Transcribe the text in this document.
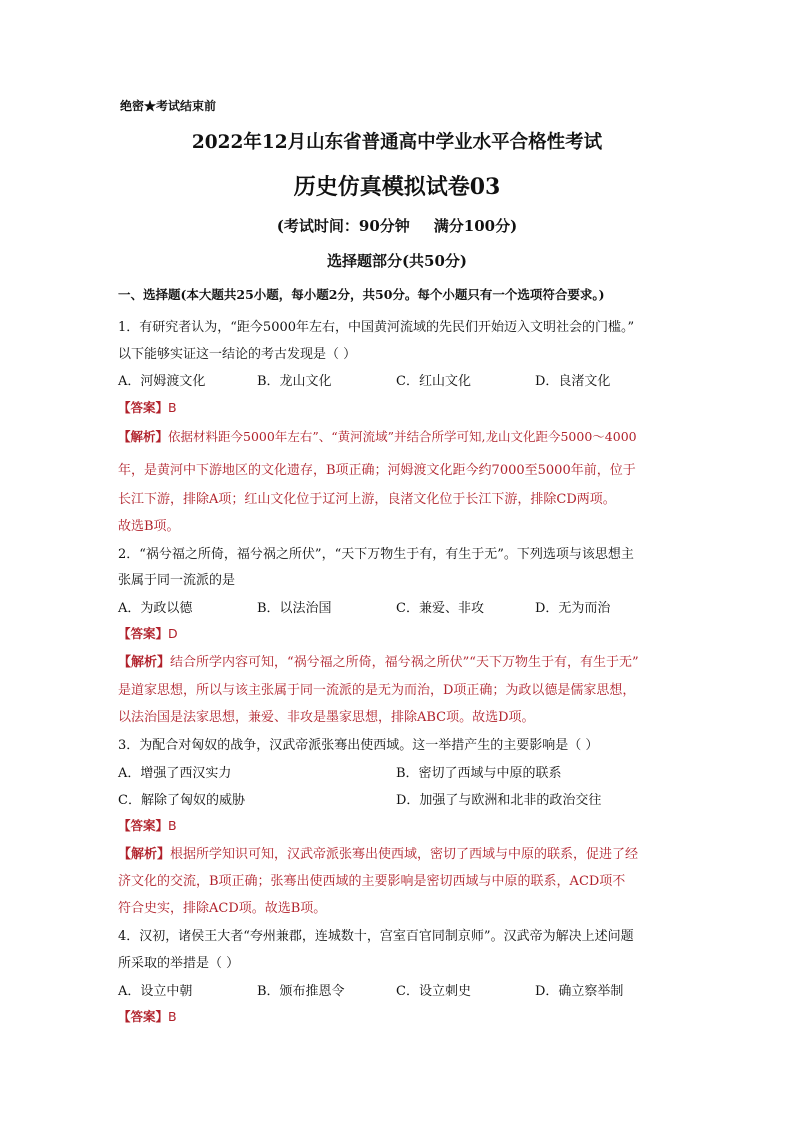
绝密★考试结束前
2022年12月山东省普通高中学业水平合格性考试
历史仿真模拟试卷03
(考试时间：90分钟 满分100分)
选择题部分(共50分)
一、选择题(本大题共25小题，每小题2分，共50分。每个小题只有一个选项符合要求。)
1．有研究者认为，“距今5000年左右，中国黄河流域的先民们开始迈入文明社会的门槛。”
以下能够实证这一结论的考古发现是（ ）
A．河姆渡文化	B．龙山文化	C．红山文化	D．良渚文化
【答案】B
【解析】依据材料距今5000年左右”、“黄河流域”并结合所学可知,龙山文化距今5000～4000
年，是黄河中下游地区的文化遗存，B项正确；河姆渡文化距今约7000至5000年前，位于
长江下游，排除A项；红山文化位于辽河上游，良渚文化位于长江下游，排除CD两项。
故选B项。
2．“祸兮福之所倚，福兮祸之所伏”，“天下万物生于有，有生于无”。下列选项与该思想主
张属于同一流派的是
A．为政以德	B．以法治国	C．兼爱、非攻	D．无为而治
【答案】D
【解析】结合所学内容可知，“祸兮福之所倚，福兮祸之所伏”“天下万物生于有，有生于无”
是道家思想，所以与该主张属于同一流派的是无为而治，D项正确；为政以德是儒家思想，
以法治国是法家思想，兼爱、非攻是墨家思想，排除ABC项。故选D项。
3．为配合对匈奴的战争，汉武帝派张骞出使西域。这一举措产生的主要影响是（ ）
A．增强了西汉实力	B．密切了西域与中原的联系
C．解除了匈奴的威胁	D．加强了与欧洲和北非的政治交往
【答案】B
【解析】根据所学知识可知，汉武帝派张骞出使西域，密切了西域与中原的联系，促进了经
济文化的交流，B项正确；张骞出使西域的主要影响是密切西域与中原的联系，ACD项不
符合史实，排除ACD项。故选B项。
4．汉初，诸侯王大者“夸州兼郡，连城数十，宫室百官同制京师”。汉武帝为解决上述问题
所采取的举措是（ ）
A．设立中朝	B．颁布推恩令	C．设立刺史	D．确立察举制
【答案】B
